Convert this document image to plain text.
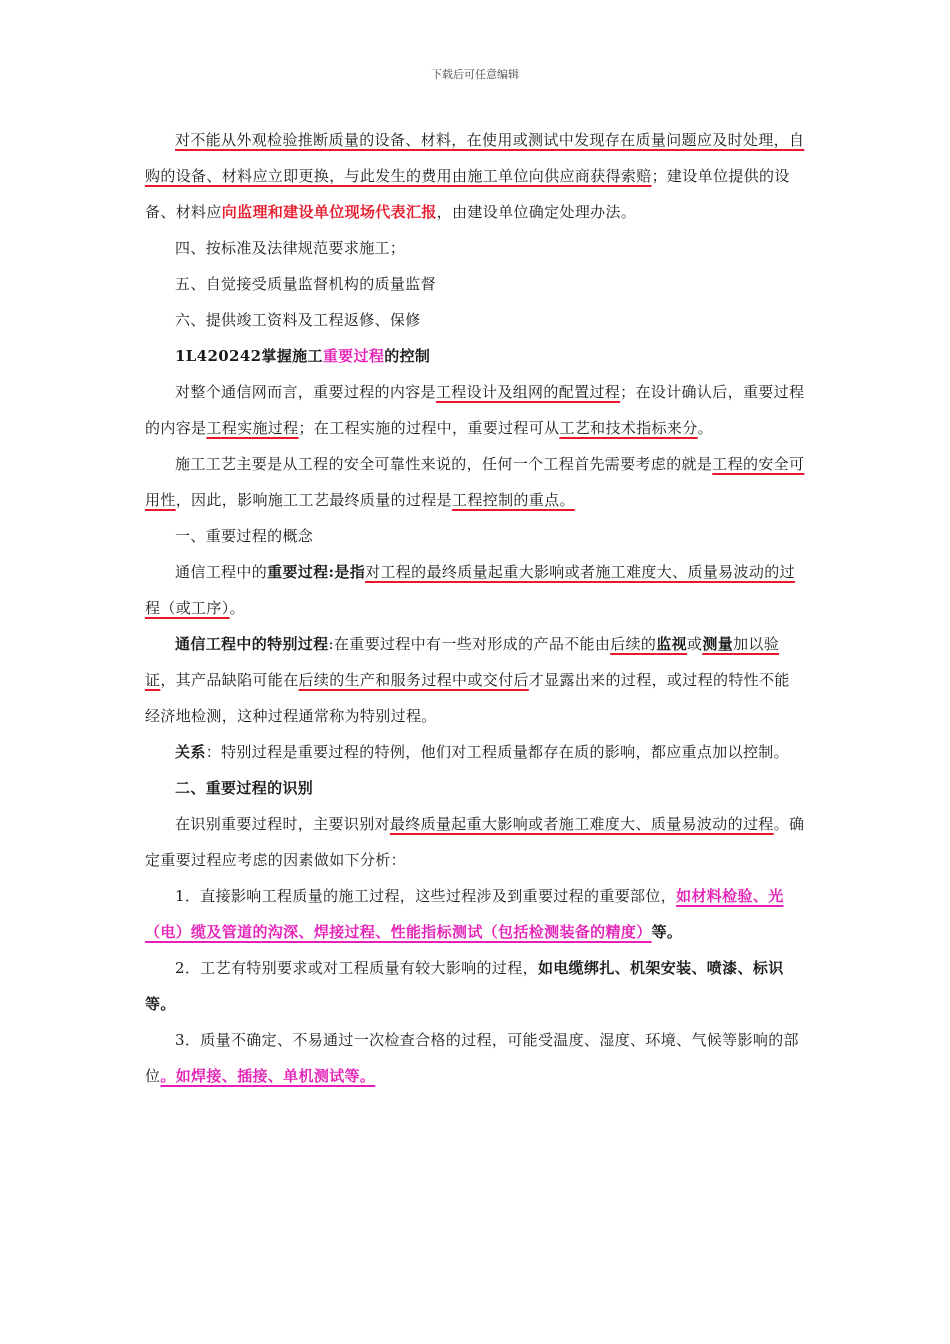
下载后可任意编辑

对不能从外观检验推断质量的设备、材料，在使用或测试中发现存在质量问题应及时处理，自购的设备、材料应立即更换，与此发生的费用由施工单位向供应商获得索赔；建设单位提供的设备、材料应向监理和建设单位现场代表汇报，由建设单位确定处理办法。

四、按标准及法律规范要求施工；

五、自觉接受质量监督机构的质量监督

六、提供竣工资料及工程返修、保修

1L420242掌握施工重要过程的控制

对整个通信网而言，重要过程的内容是工程设计及组网的配置过程；在设计确认后，重要过程的内容是工程实施过程；在工程实施的过程中，重要过程可从工艺和技术指标来分。

施工工艺主要是从工程的安全可靠性来说的，任何一个工程首先需要考虑的就是工程的安全可用性，因此，影响施工工艺最终质量的过程是工程控制的重点。

一、重要过程的概念

通信工程中的重要过程:是指对工程的最终质量起重大影响或者施工难度大、质量易波动的过程（或工序）。

通信工程中的特别过程:在重要过程中有一些对形成的产品不能由后续的监视或测量加以验证，其产品缺陷可能在后续的生产和服务过程中或交付后才显露出来的过程，或过程的特性不能经济地检测，这种过程通常称为特别过程。

关系：特别过程是重要过程的特例，他们对工程质量都存在质的影响，都应重点加以控制。

二、重要过程的识别

在识别重要过程时，主要识别对最终质量起重大影响或者施工难度大、质量易波动的过程。确定重要过程应考虑的因素做如下分析：

1．直接影响工程质量的施工过程，这些过程涉及到重要过程的重要部位，如材料检验、光（电）缆及管道的沟深、焊接过程、性能指标测试（包括检测装备的精度）等。

2．工艺有特别要求或对工程质量有较大影响的过程，如电缆绑扎、机架安装、喷漆、标识等。

3．质量不确定、不易通过一次检查合格的过程，可能受温度、湿度、环境、气候等影响的部位。如焊接、插接、单机测试等。
